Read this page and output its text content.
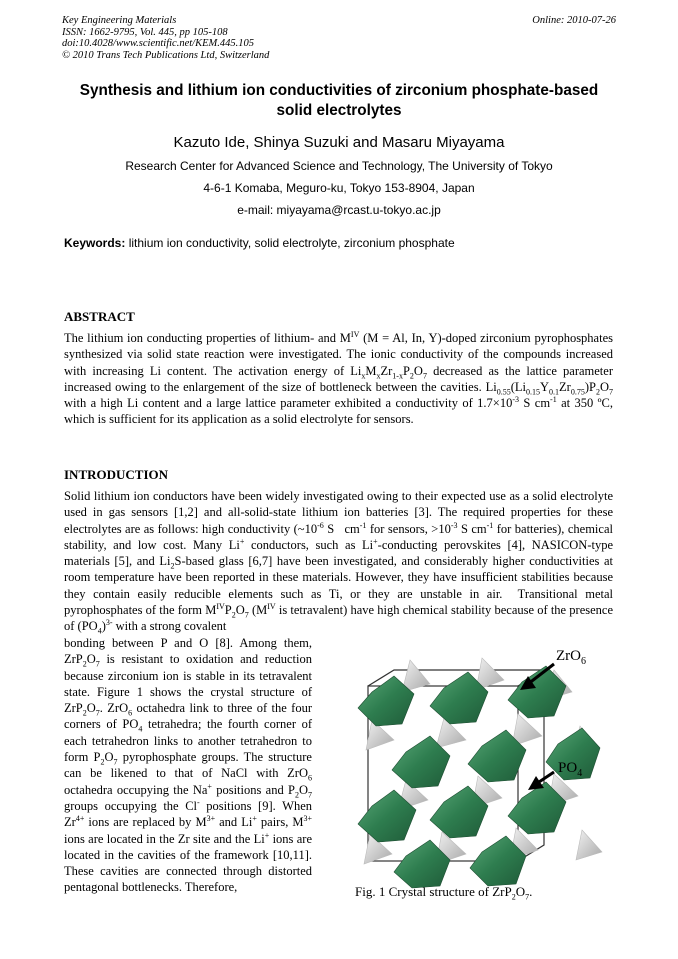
Key Engineering Materials
ISSN: 1662-9795, Vol. 445, pp 105-108
doi:10.4028/www.scientific.net/KEM.445.105
© 2010 Trans Tech Publications Ltd, Switzerland
Online: 2010-07-26
Synthesis and lithium ion conductivities of zirconium phosphate-based
solid electrolytes
Kazuto Ide, Shinya Suzuki and Masaru Miyayama
Research Center for Advanced Science and Technology, The University of Tokyo
4-6-1 Komaba, Meguro-ku, Tokyo 153-8904, Japan
e-mail: miyayama@rcast.u-tokyo.ac.jp
Keywords: lithium ion conductivity, solid electrolyte, zirconium phosphate
ABSTRACT
The lithium ion conducting properties of lithium- and $M^{IV}$ (M = Al, In, Y)-doped zirconium pyrophosphates synthesized via solid state reaction were investigated. The ionic conductivity of the compounds increased with increasing Li content. The activation energy of $Li_xM_xZr_{1-x}P_2O_7$ decreased as the lattice parameter increased owing to the enlargement of the size of bottleneck between the cavities. $Li_{0.55}(Li_{0.15}Y_{0.1}Zr_{0.75})P_2O_7$ with a high Li content and a large lattice parameter exhibited a conductivity of $1.7\times 10^{-3}$ S $cm^{-1}$ at 350 ºC, which is sufficient for its application as a solid electrolyte for sensors.
INTRODUCTION
Solid lithium ion conductors have been widely investigated owing to their expected use as a solid electrolyte used in gas sensors [1,2] and all-solid-state lithium ion batteries [3]. The required properties for these electrolytes are as follows: high conductivity ($\sim 10^{-6}$ S   $cm^{-1}$ for sensors, $>10^{-3}$ S $cm^{-1}$ for batteries), chemical stability, and low cost. Many Li+ conductors, such as Li+-conducting perovskites [4], NASICON-type materials [5], and $Li_2S$-based glass [6,7] have been investigated, and considerably higher conductivities at room temperature have been reported in these materials. However, they have insufficient stabilities because they contain easily reducible elements such as Ti, or they are unstable in air.  Transitional metal pyrophosphates of the form $M^{IV}P_2O_7$ ($M^{IV}$ is tetravalent) have high chemical stability because of the presence of $(PO_4)^{3-}$ with a strong covalent
bonding between P and O [8]. Among them, $ZrP_2O_7$ is resistant to oxidation and reduction because zirconium ion is stable in its tetravalent state. Figure 1 shows the crystal structure of $ZrP_2O_7$. ZrO$_6$ octahedra link to three of the four corners of $PO_4$ tetrahedra; the fourth corner of each tetrahedron links to another tetrahedron to form $P_2O_7$ pyrophosphate groups. The structure can be likened to that of NaCl with ZrO$_6$ octahedra occupying the Na+ positions and $P_2O_7$ groups occupying the Cl- positions [9]. When $Zr^{4+}$ ions are replaced by $M^{3+}$ and Li+ pairs, $M^{3+}$ ions are located in the Zr site and the Li+ ions are located in the cavities of the framework [10,11]. These cavities are connected through distorted pentagonal bottlenecks. Therefore,
ZrO$_6$
$PO_4$
Fig. 1 Crystal structure of $ZrP_2O_7$.
